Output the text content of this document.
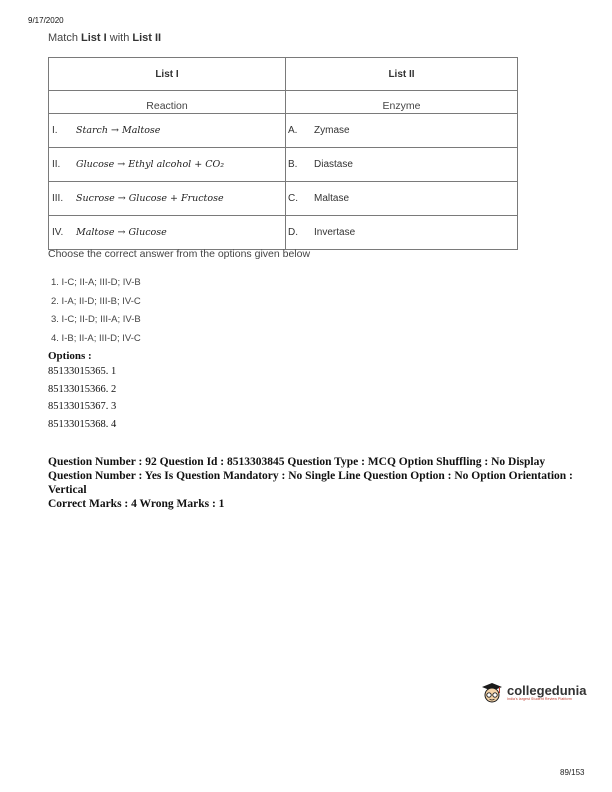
9/17/2020
Match List I with List II
List I	List II
Reaction	Enzyme

I. Starch → Maltose	A. Zymase

II. Glucose → Ethyl alcohol + CO₂	B. Diastase

III. Sucrose → Glucose + Fructose	C. Maltase

IV. Maltose → Glucose	D. Invertase
Choose the correct answer from the options given below
1. I-C; II-A; III-D; IV-B
2. I-A; II-D; III-B; IV-C
3. I-C; II-D; III-A; IV-B
4. I-B; II-A; III-D; IV-C
Options :
85133015365. 1
85133015366. 2
85133015367. 3
85133015368. 4
Question Number : 92 Question Id : 8513303845 Question Type : MCQ Option Shuffling : No Display Question Number : Yes Is Question Mandatory : No Single Line Question Option : No Option Orientation : Vertical
Correct Marks : 4 Wrong Marks : 1
collegedunia
India's largest Student Review Platform
89/153
